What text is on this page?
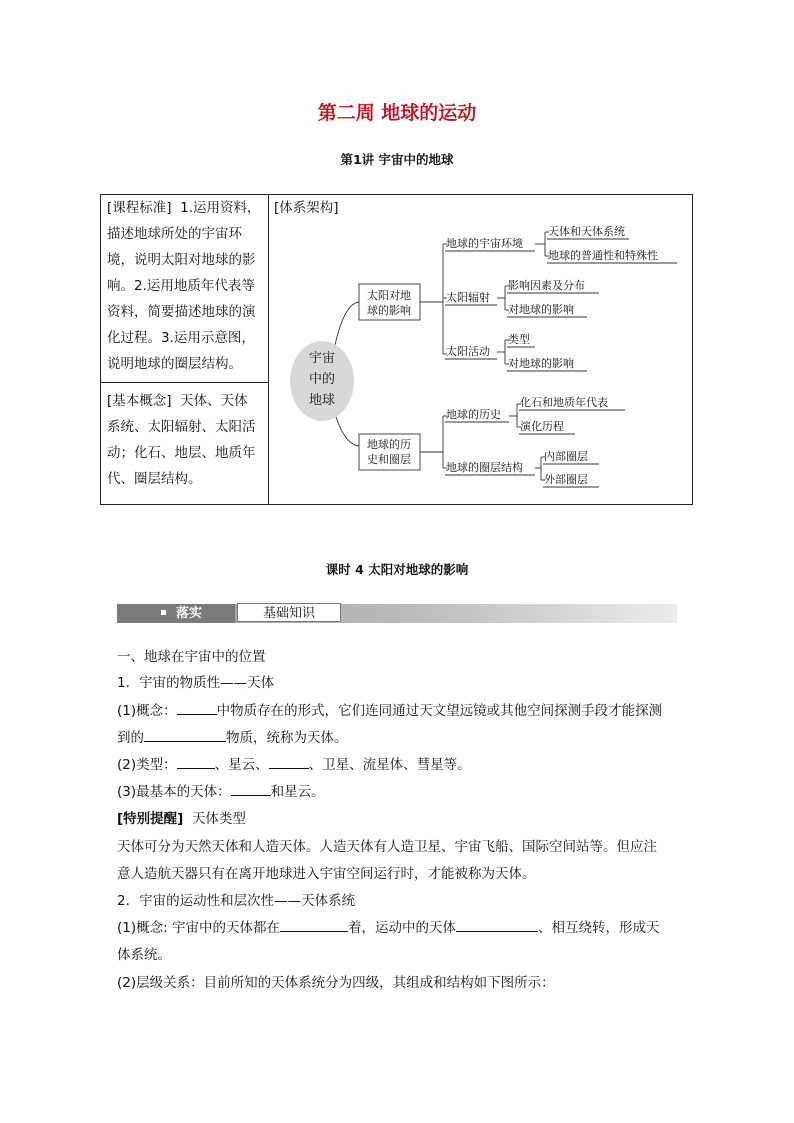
第二周 地球的运动
第1讲 宇宙中的地球
[课程标准] 1.运用资料，
描述地球所处的宇宙环
境，说明太阳对地球的影
响。2.运用地质年代表等
资料，简要描述地球的演
化过程。3.运用示意图，
说明地球的圈层结构。
[基本概念] 天体、天体
系统、太阳辐射、太阳活
动；化石、地层、地质年
代、圈层结构。
[体系架构]
宇宙
中的
地球
太阳对地
球的影响
地球的历
史和圈层
地球的宇宙环境
太阳辐射
太阳活动
天体和天体系统
地球的普通性和特殊性
影响因素及分布
对地球的影响
类型
对地球的影响
地球的历史
地球的圈层结构
化石和地质年代表
演化历程
内部圈层
外部圈层
课时 4 太阳对地球的影响
落实	基础知识
一、地球在宇宙中的位置
1．宇宙的物质性——天体
(1)概念：	中物质存在的形式，它们连同通过天文望远镜或其他空间探测手段才能探测
到的	物质，统称为天体。
(2)类型：	、星云、	、卫星、流星体、彗星等。
(3)最基本的天体：	和星云。
[特别提醒] 天体类型
天体可分为天然天体和人造天体。人造天体有人造卫星、宇宙飞船、国际空间站等。但应注
意人造航天器只有在离开地球进入宇宙空间运行时，才能被称为天体。
2．宇宙的运动性和层次性——天体系统
(1)概念: 宇宙中的天体都在	着，运动中的天体	、相互绕转，形成天
体系统。
(2)层级关系：目前所知的天体系统分为四级，其组成和结构如下图所示：
